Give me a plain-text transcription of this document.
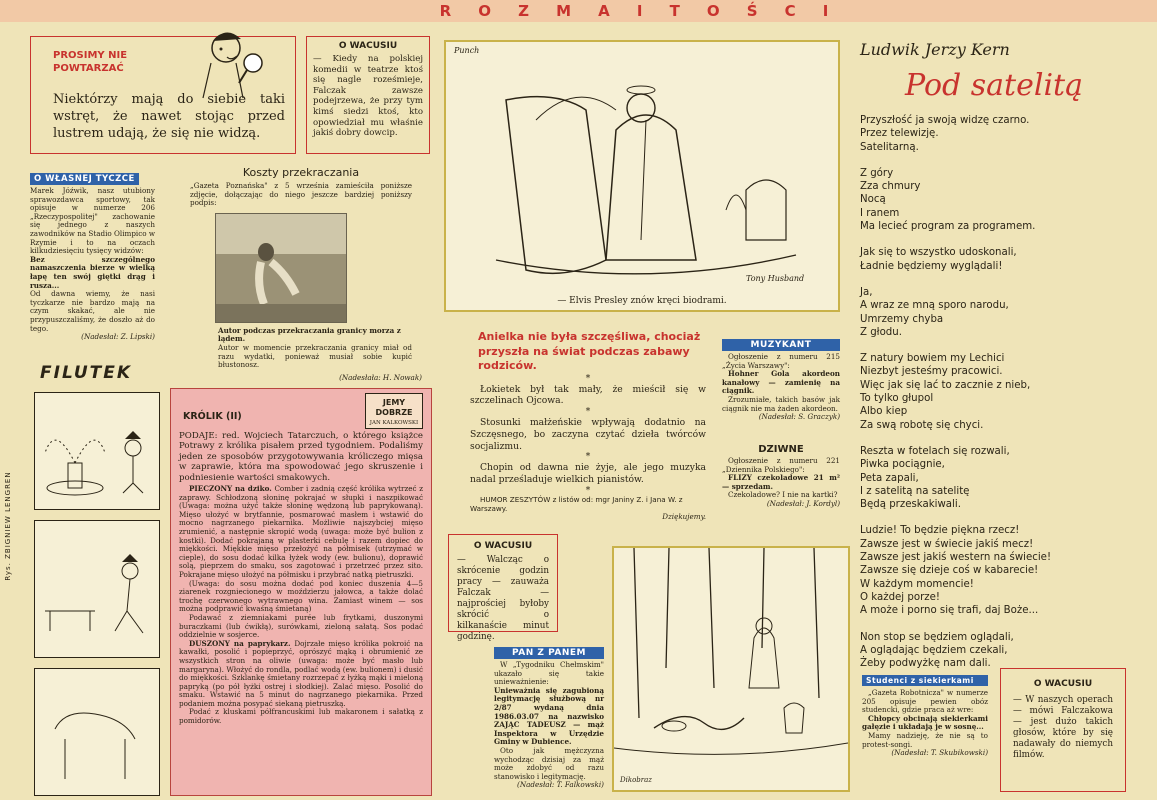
R O Z M A I T O Ś C I
Rys. ZBIGNIEW LENGREN
PROSIMY NIE POWTARZAĆ
Niektórzy mają do siebie taki wstręt, że nawet stojąc przed lustrem udają, że się nie widzą.
O WACUSIU
— Kiedy na polskiej komedii w teatrze ktoś się nagle roześmieje, Falczak zawsze podejrzewa, że przy tym kimś siedzi ktoś, kto opowiedział mu właśnie jakiś dobry dowcip.
Punch
Tony Husband
— Elvis Presley znów kręci biodrami.
Ludwik Jerzy Kern
Pod satelitą

Przyszłość ja swoją widzę czarno.

Przez telewizję.

Satelitarną.

Z góry

Zza chmury

Nocą

I ranem

Ma lecieć program za programem.

Jak się to wszystko udoskonali,

Ładnie będziemy wyglądali!

Ja,

A wraz ze mną sporo narodu,

Umrzemy chyba

Z głodu.

Z natury bowiem my Lechici

Niezbyt jesteśmy pracowici.

Więc jak się lać to zacznie z nieb,

To tylko głupol

Albo kiep

Za swą robotę się chyci.

Reszta w fotelach się rozwali,

Piwka pociągnie,

Peta zapali,

I z satelitą na satelitę

Będą przeskakiwali.

Ludzie! To będzie piękna rzecz!

Zawsze jest w świecie jakiś mecz!

Zawsze jest jakiś western na świecie!

Zawsze się dzieje coś w kabarecie!

W każdym momencie!

O każdej porze!

A może i porno się trafi, daj Boże...

Non stop se będziem oglądali,

A oglądając będziem czekali,

Żeby podwyżkę nam dali.

O WŁASNEJ TYCZCE
Marek Jóźwik, nasz utubiony sprawozdawca sportowy, tak opisuje w numerze 206 „Rzeczypospolitej" zachowanie się jednego z naszych zawodników na Stadio Olimpico w Rzymie i to na oczach kilkudziesięciu tysięcy widzów:
Bez szczególnego namaszczenia bierze w wielką łapę ten swój giętki drąg i rusza...
Od dawna wiemy, że nasi tyczkarze nie bardzo mają na czym skakać, ale nie przypuszczaliśmy, że doszło aż do tego.
(Nadesłał: Z. Lipski)
Koszty przekraczania
„Gazeta Poznańska" z 5 września zamieściła poniższe zdjęcie, dołączając do niego jeszcze bardziej poniższy podpis:
Autor podczas przekraczania granicy morza z lądem.
Autor w momencie przekraczania granicy miał od razu wydatki, ponieważ musiał sobie kupić błustonosz.
(Nadesłała: H. Nowak)
FILUTEK
KRÓLIK (II)
JEMY DOBRZE
JAN KALKOWSKI
PODAJE: red. Wojciech Tatarczuch, o którego książce Potrawy z królika pisałem przed tygodniem. Podaliśmy jeden ze sposobów przygotowywania króliczego mięsa w zaprawie, która ma spowodować jego skruszenie i podniesienie wartości smakowych.
PIECZONY na dziko. Comber i zadnią część królika wytrzeć z zaprawy. Schłodzoną słoninę pokrajać w słupki i naszpikować (Uwaga: można użyć także słoninę wędzoną lub paprykowaną). Mięso ułożyć w brytfannie, posmarować masłem i wstawić do mocno nagrzanego piekarnika. Możliwie najszybciej mięso zrumienić, a następnie skropić wodą (uwaga: może być bulion z kostki). Dodać pokrajaną w plasterki cebulę i razem dopiec do miękkości. Miękkie mięso przełożyć na półmisek (utrzymać w cieple), do sosu dodać kilka łyżek wody (ew. bulionu), doprawić solą, pieprzem do smaku, sos zagotować i przetrzeć przez sito. Pokrajane mięso ułożyć na półmisku i przybrać natką pietruszki.
(Uwaga: do sosu można dodać pod koniec duszenia 4—5 ziarenek rozgniecionego w moździerzu jałowca, a także dolać trochę czerwonego wytrawnego wina. Zamiast winem — sos można podprawić kwaśną śmietaną)
Podawać z ziemniakami purée lub frytkami, duszonymi buraczkami (lub ćwikłą), surówkami, zieloną sałatą. Sos podać oddzielnie w sosjerce.
DUSZONY na paprykarz. Dojrzałe mięso królika pokroić na kawałki, posolić i popieprzyć, oprószyć mąką i obrumienić ze wszystkich stron na oliwie (uwaga: może być masło lub margaryna). Włożyć do rondla, podlać wodą (ew. bulionem) i dusić do miękkości. Szklankę śmietany rozrzepać z łyżką mąki i mieloną papryką (po pół łyżki ostrej i słodkiej). Zalać mięso. Posolić do smaku. Wstawić na 5 minut do nagrzanego piekarnika. Przed podaniem można posypać siekaną pietruszką.
Podać z kluskami półfrancuskimi lub makaronem i sałatką z pomidorów.
Anielka nie była szczęśliwa, chociaż przyszła na świat podczas zabawy rodziców.
*
Łokietek był tak mały, że mieścił się w szczelinach Ojcowa.
*
Stosunki małżeńskie wpływają dodatnio na Szczęsnego, bo zaczyna czytać dzieła twórców socjalizmu.
*
Chopin od dawna nie żyje, ale jego muzyka nadal prześladuje wielkich pianistów.
*
HUMOR ZESZYTÓW z listów od: mgr Janiny Z. i Jana W. z Warszawy.
Dziękujemy.
MUZYKANT
Ogłoszenie z numeru 215 „Życia Warszawy":
Hohner Gola akordeon kanałowy — zamienię na ciągnik.
Zrozumiałe, takich basów jak ciągnik nie ma żaden akordeon.
(Nadesłał: S. Graczyk)
DZIWNE
Ogłoszenie z numeru 221 „Dziennika Polskiego":
FLIZY czekoladowe 21 m² — sprzedam.
Czekoladowe? I nie na kartki?
(Nadesłał: J. Kordyl)
O WACUSIU
— Walcząc o skrócenie godzin pracy — zauważa Falczak — najprościej byłoby skrócić o kilkanaście minut godzinę.
PAN Z PANEM
W „Tygodniku Chełmskim" ukazało się takie unieważnienie:
Unieważnia się zagubioną legitymację służbową nr 2/87 wydaną dnia 1986.03.07 na nazwisko ZAJĄC TADEUSZ — mąż Inspektora w Urzędzie Gminy w Dubience.
Oto jak mężczyzna wychodząc dzisiaj za mąż może zdobyć od razu stanowisko i legitymację.
(Nadesłał: T. Falkowski)
Dikobraz
Studenci z siekierkami
„Gazeta Robotnicza" w numerze 205 opisuje pewien obóz studencki, gdzie praca aż wre:
Chłopcy obcinają siekierkami gałęzie i układają je w sosnę...
Mamy nadzieję, że nie są to protest-songi.
(Nadesłał: T. Skubikowski)
O WACUSIU
— W naszych operach — mówi Falczakowa — jest dużo takich głosów, które by się nadawały do niemych filmów.
